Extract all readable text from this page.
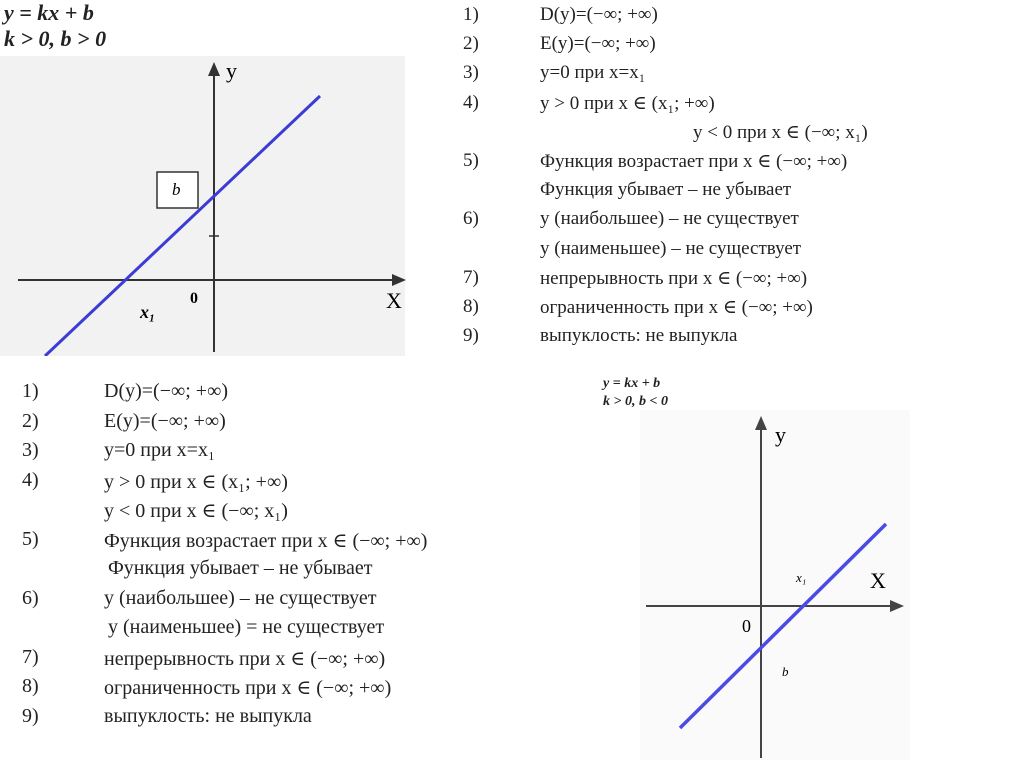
y = kx + b
k > 0, b > 0
b
y
X
0
x₁
1)	D(y)=(−∞; +∞)
2)	E(y)=(−∞; +∞)
3)	y=0 при x=x₁
4)	y > 0 при x ∈ (x₁; +∞)
y < 0 при x ∈ (−∞; x₁)
5)	Функция возрастает при x ∈ (−∞; +∞)
Функция убывает – не убывает
6)	y (наибольшее) – не существует
y (наименьшее) – не существует
7)	непрерывность при x ∈ (−∞; +∞)
8)	ограниченность при x ∈ (−∞; +∞)
9)	выпуклость: не выпукла
1)	D(y)=(−∞; +∞)
2)	E(y)=(−∞; +∞)
3)	y=0 при x=x₁
4)	y > 0 при x ∈ (x₁; +∞)
y < 0 при x ∈ (−∞; x₁)
5)	Функция возрастает при x ∈ (−∞; +∞)
Функция убывает – не убывает
6)	y (наибольшее) – не существует
y (наименьшее) = не существует
7)	непрерывность при x ∈ (−∞; +∞)
8)	ограниченность при x ∈ (−∞; +∞)
9)	выпуклость: не выпукла
y = kx + b
k > 0, b < 0
y
X
0
x₁
b
